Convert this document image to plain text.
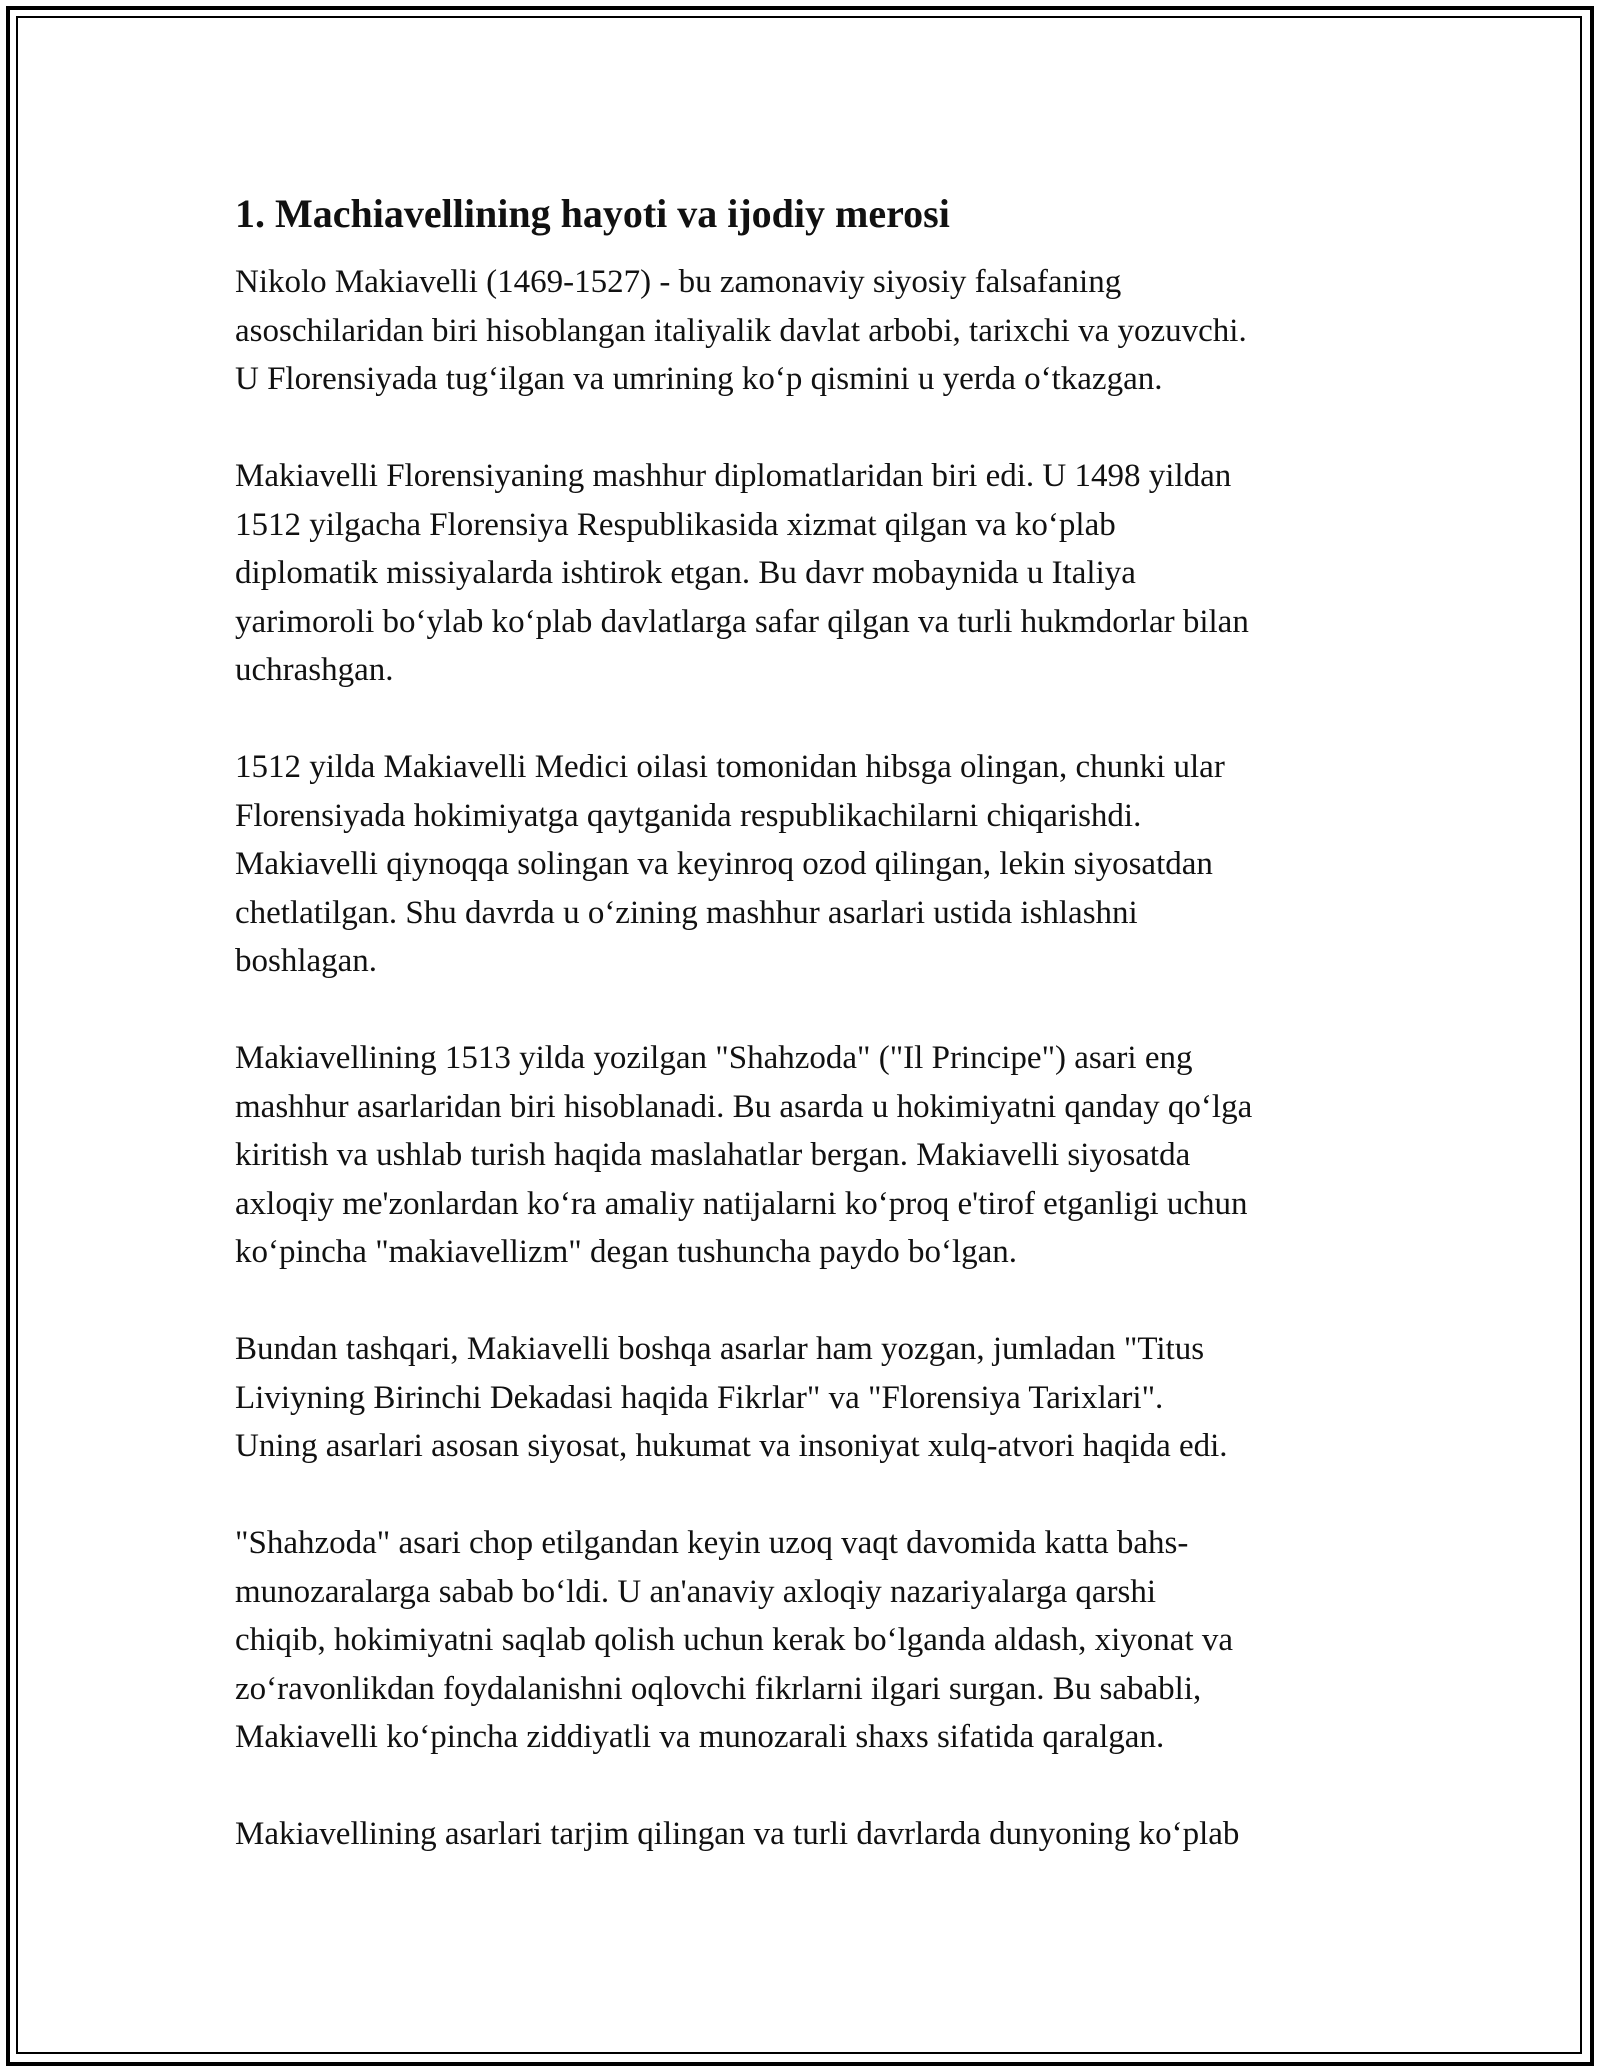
1. Machiavellining hayoti va ijodiy merosi
Nikolo Makiavelli (1469-1527) - bu zamonaviy siyosiy falsafaning
asoschilaridan biri hisoblangan italiyalik davlat arbobi, tarixchi va yozuvchi.
U Florensiyada tug‘ilgan va umrining ko‘p qismini u yerda o‘tkazgan.
Makiavelli Florensiyaning mashhur diplomatlaridan biri edi. U 1498 yildan
1512 yilgacha Florensiya Respublikasida xizmat qilgan va ko‘plab
diplomatik missiyalarda ishtirok etgan. Bu davr mobaynida u Italiya
yarimoroli bo‘ylab ko‘plab davlatlarga safar qilgan va turli hukmdorlar bilan
uchrashgan.
1512 yilda Makiavelli Medici oilasi tomonidan hibsga olingan, chunki ular
Florensiyada hokimiyatga qaytganida respublikachilarni chiqarishdi.
Makiavelli qiynoqqa solingan va keyinroq ozod qilingan, lekin siyosatdan
chetlatilgan. Shu davrda u o‘zining mashhur asarlari ustida ishlashni
boshlagan.
Makiavellining 1513 yilda yozilgan "Shahzoda" ("Il Principe") asari eng
mashhur asarlaridan biri hisoblanadi. Bu asarda u hokimiyatni qanday qo‘lga
kiritish va ushlab turish haqida maslahatlar bergan. Makiavelli siyosatda
axloqiy me'zonlardan ko‘ra amaliy natijalarni ko‘proq e'tirof etganligi uchun
ko‘pincha "makiavellizm" degan tushuncha paydo bo‘lgan.
Bundan tashqari, Makiavelli boshqa asarlar ham yozgan, jumladan "Titus
Liviyning Birinchi Dekadasi haqida Fikrlar" va "Florensiya Tarixlari".
Uning asarlari asosan siyosat, hukumat va insoniyat xulq-atvori haqida edi.
"Shahzoda" asari chop etilgandan keyin uzoq vaqt davomida katta bahs-
munozaralarga sabab bo‘ldi. U an'anaviy axloqiy nazariyalarga qarshi
chiqib, hokimiyatni saqlab qolish uchun kerak bo‘lganda aldash, xiyonat va
zo‘ravonlikdan foydalanishni oqlovchi fikrlarni ilgari surgan. Bu sababli,
Makiavelli ko‘pincha ziddiyatli va munozarali shaxs sifatida qaralgan.
Makiavellining asarlari tarjim qilingan va turli davrlarda dunyoning ko‘plab
